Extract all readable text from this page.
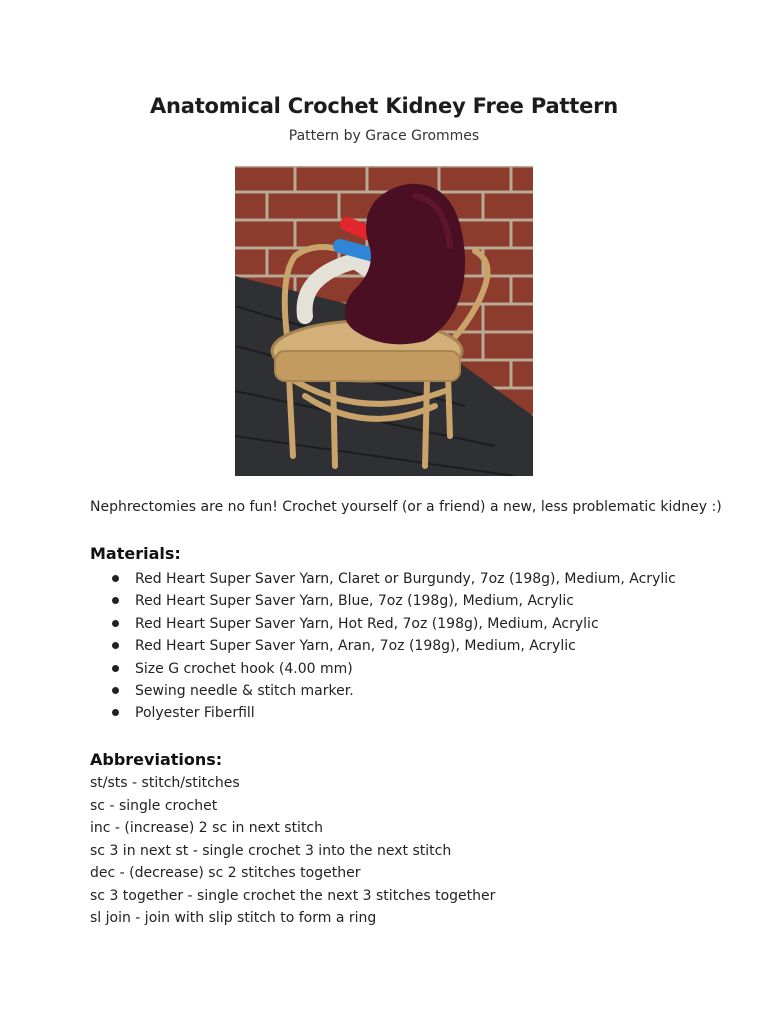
Anatomical Crochet Kidney Free Pattern
Pattern by Grace Grommes

Nephrectomies are no fun! Crochet yourself (or a friend) a new, less problematic kidney :)

Materials:
Red Heart Super Saver Yarn, Claret or Burgundy, 7oz (198g), Medium, Acrylic
Red Heart Super Saver Yarn, Blue, 7oz (198g), Medium, Acrylic
Red Heart Super Saver Yarn, Hot Red, 7oz (198g), Medium, Acrylic
Red Heart Super Saver Yarn, Aran, 7oz (198g), Medium, Acrylic
Size G crochet hook (4.00 mm)
Sewing needle & stitch marker.
Polyester Fiberfill
Abbreviations:
st/sts - stitch/stitches
sc - single crochet
inc - (increase) 2 sc in next stitch
sc 3 in next st - single crochet 3 into the next stitch
dec - (decrease) sc 2 stitches together
sc 3 together - single crochet the next 3 stitches together
sl join - join with slip stitch to form a ring
